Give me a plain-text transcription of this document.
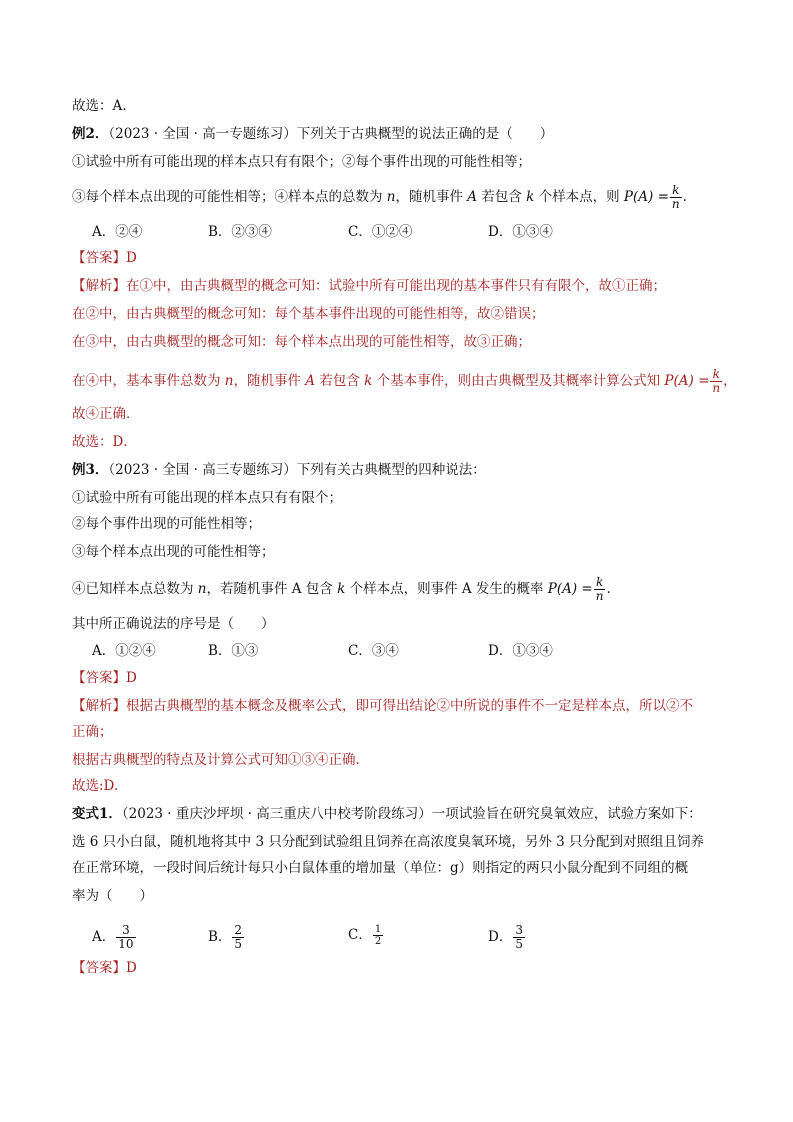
故选：A.
例2．（2023 · 全国 · 高一专题练习）下列关于古典概型的说法正确的是（　　）
①试验中所有可能出现的样本点只有有限个；②每个事件出现的可能性相等；
③每个样本点出现的可能性相等；④样本点的总数为 n，随机事件 A 若包含 k 个样本点，则 $P(A) = \frac{k}{n}$ .
A．②④	B．②③④	C．①②④	D．①③④
【答案】D
【解析】在①中，由古典概型的概念可知：试验中所有可能出现的基本事件只有有限个，故①正确；
在②中，由古典概型的概念可知：每个基本事件出现的可能性相等，故②错误；
在③中，由古典概型的概念可知：每个样本点出现的可能性相等，故③正确；
在④中，基本事件总数为 n，随机事件 A 若包含 k 个基本事件，则由古典概型及其概率计算公式知 $P(A) = \frac{k}{n}$ ，
故④正确．
故选：D．
例3．（2023 · 全国 · 高三专题练习）下列有关古典概型的四种说法：
①试验中所有可能出现的样本点只有有限个；
②每个事件出现的可能性相等；
③每个样本点出现的可能性相等；
④已知样本点总数为 n，若随机事件 A 包含 k 个样本点，则事件 A 发生的概率 $P(A) = \frac{k}{n}$ .
其中所正确说法的序号是（　　）
A．①②④	B．①③	C．③④	D．①③④
【答案】D
【解析】根据古典概型的基本概念及概率公式，即可得出结论②中所说的事件不一定是样本点，所以②不
正确；
根据古典概型的特点及计算公式可知①③④正确.
故选:D.
变式1．（2023 · 重庆沙坪坝 · 高三重庆八中校考阶段练习）一项试验旨在研究臭氧效应，试验方案如下：
选 6 只小白鼠，随机地将其中 3 只分配到试验组且饲养在高浓度臭氧环境，另外 3 只分配到对照组且饲养
在正常环境，一段时间后统计每只小白鼠体重的增加量（单位：g）则指定的两只小鼠分配到不同组的概
率为（　　）
A． $\frac{3}{10}$	B． $\frac{2}{5}$	C． $\frac{1}{2}$	D． $\frac{3}{5}$
【答案】D
